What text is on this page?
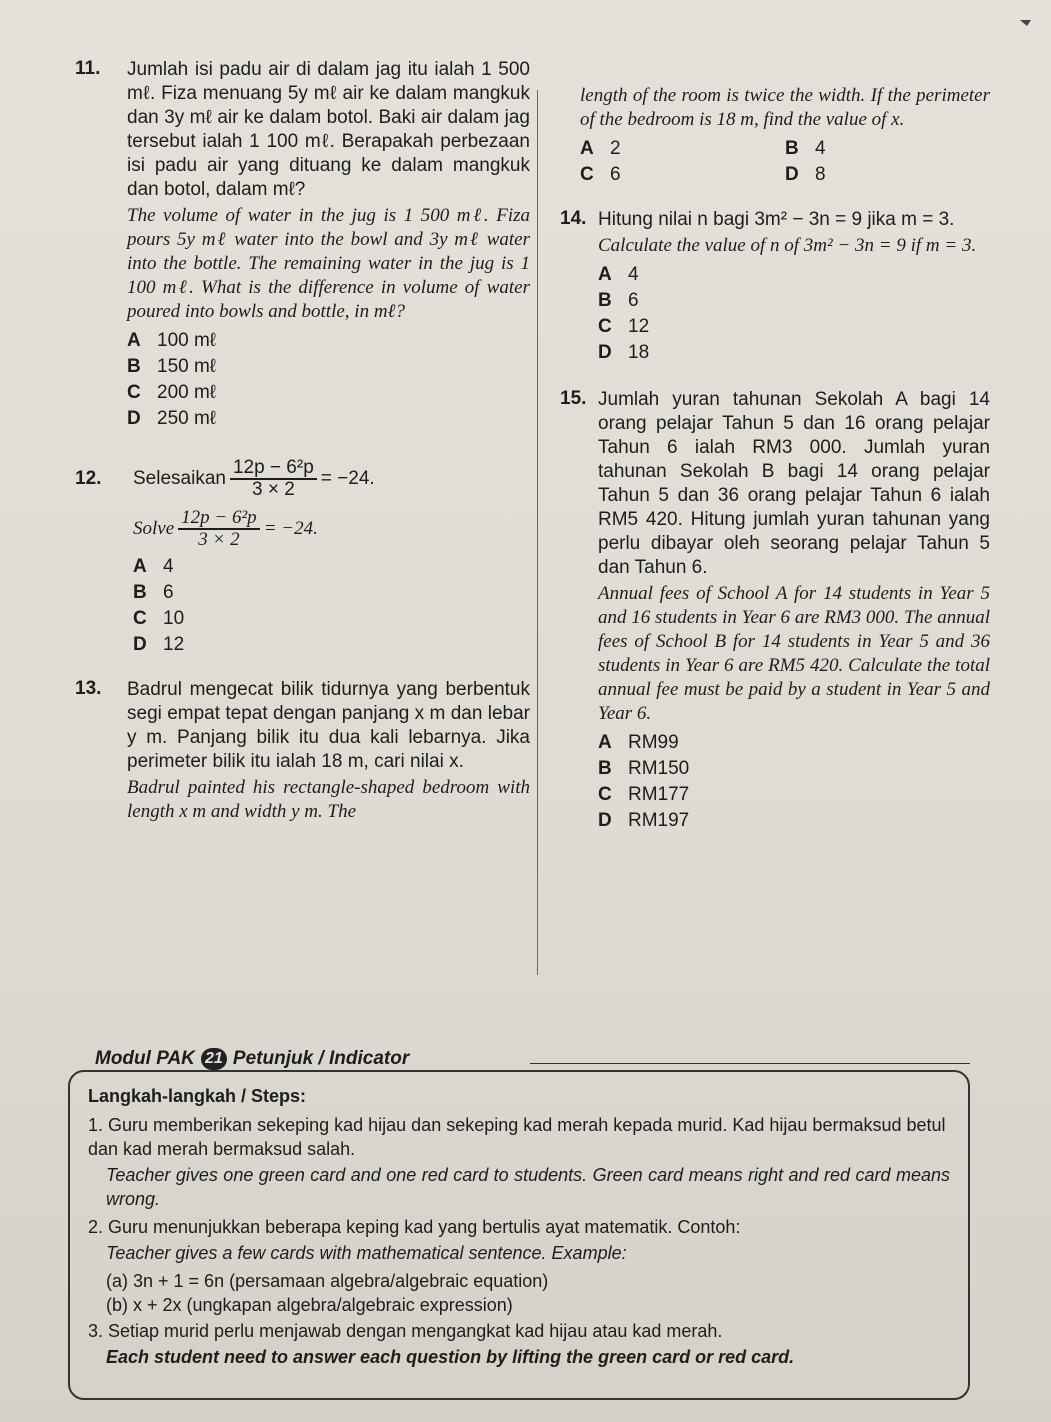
11. Jumlah isi padu air di dalam jag itu ialah 1 500 mℓ. Fiza menuang 5y mℓ air ke dalam mangkuk dan 3y mℓ air ke dalam botol. Baki air dalam jag tersebut ialah 1 100 mℓ. Berapakah perbezaan isi padu air yang dituang ke dalam mangkuk dan botol, dalam mℓ?

The volume of water in the jug is 1 500 mℓ. Fiza pours 5y mℓ water into the bowl and 3y mℓ water into the bottle. The remaining water in the jug is 1 100 mℓ. What is the difference in volume of water poured into bowls and bottle, in mℓ?

A 100 mℓ
B 150 mℓ
C 200 mℓ
D 250 mℓ
12. Selesaikan $\frac{\text{12p − 6²p}}{3 \times 2} = -24$.
Solve $\frac{\text{12p − 6²p}}{3 \times 2} = -24$.
A 4
B 6
C 10
D 12
13. Badrul mengecat bilik tidurnya yang berbentuk segi empat tepat dengan panjang x m dan lebar y m. Panjang bilik itu dua kali lebarnya. Jika perimeter bilik itu ialah 18 m, cari nilai x.

Badrul painted his rectangle-shaped bedroom with length x m and width y m. The

length of the room is twice the width. If the perimeter of the bedroom is 18 m, find the value of x.

A 2	B 4
C 6	D 8
14. Hitung nilai n bagi 3m² − 3n = 9 jika m = 3.

Calculate the value of n of 3m² − 3n = 9 if m = 3.

A 4
B 6
C 12
D 18
15. Jumlah yuran tahunan Sekolah A bagi 14 orang pelajar Tahun 5 dan 16 orang pelajar Tahun 6 ialah RM3 000. Jumlah yuran tahunan Sekolah B bagi 14 orang pelajar Tahun 5 dan 36 orang pelajar Tahun 6 ialah RM5 420. Hitung jumlah yuran tahunan yang perlu dibayar oleh seorang pelajar Tahun 5 dan Tahun 6.

Annual fees of School A for 14 students in Year 5 and 16 students in Year 6 are RM3 000. The annual fees of School B for 14 students in Year 5 and 36 students in Year 6 are RM5 420. Calculate the total annual fee must be paid by a student in Year 5 and Year 6.

A RM99
B RM150
C RM177
D RM197
Modul PAK 21 Petunjuk / Indicator
Langkah-langkah / Steps:
1. Guru memberikan sekeping kad hijau dan sekeping kad merah kepada murid. Kad hijau bermaksud betul dan kad merah bermaksud salah.
Teacher gives one green card and one red card to students. Green card means right and red card means wrong.
2. Guru menunjukkan beberapa keping kad yang bertulis ayat matematik. Contoh:
Teacher gives a few cards with mathematical sentence. Example:
(a) 3n + 1 = 6n (persamaan algebra/algebraic equation)
(b) x + 2x (ungkapan algebra/algebraic expression)
3. Setiap murid perlu menjawab dengan mengangkat kad hijau atau kad merah.
Each student need to answer each question by lifting the green card or red card.
